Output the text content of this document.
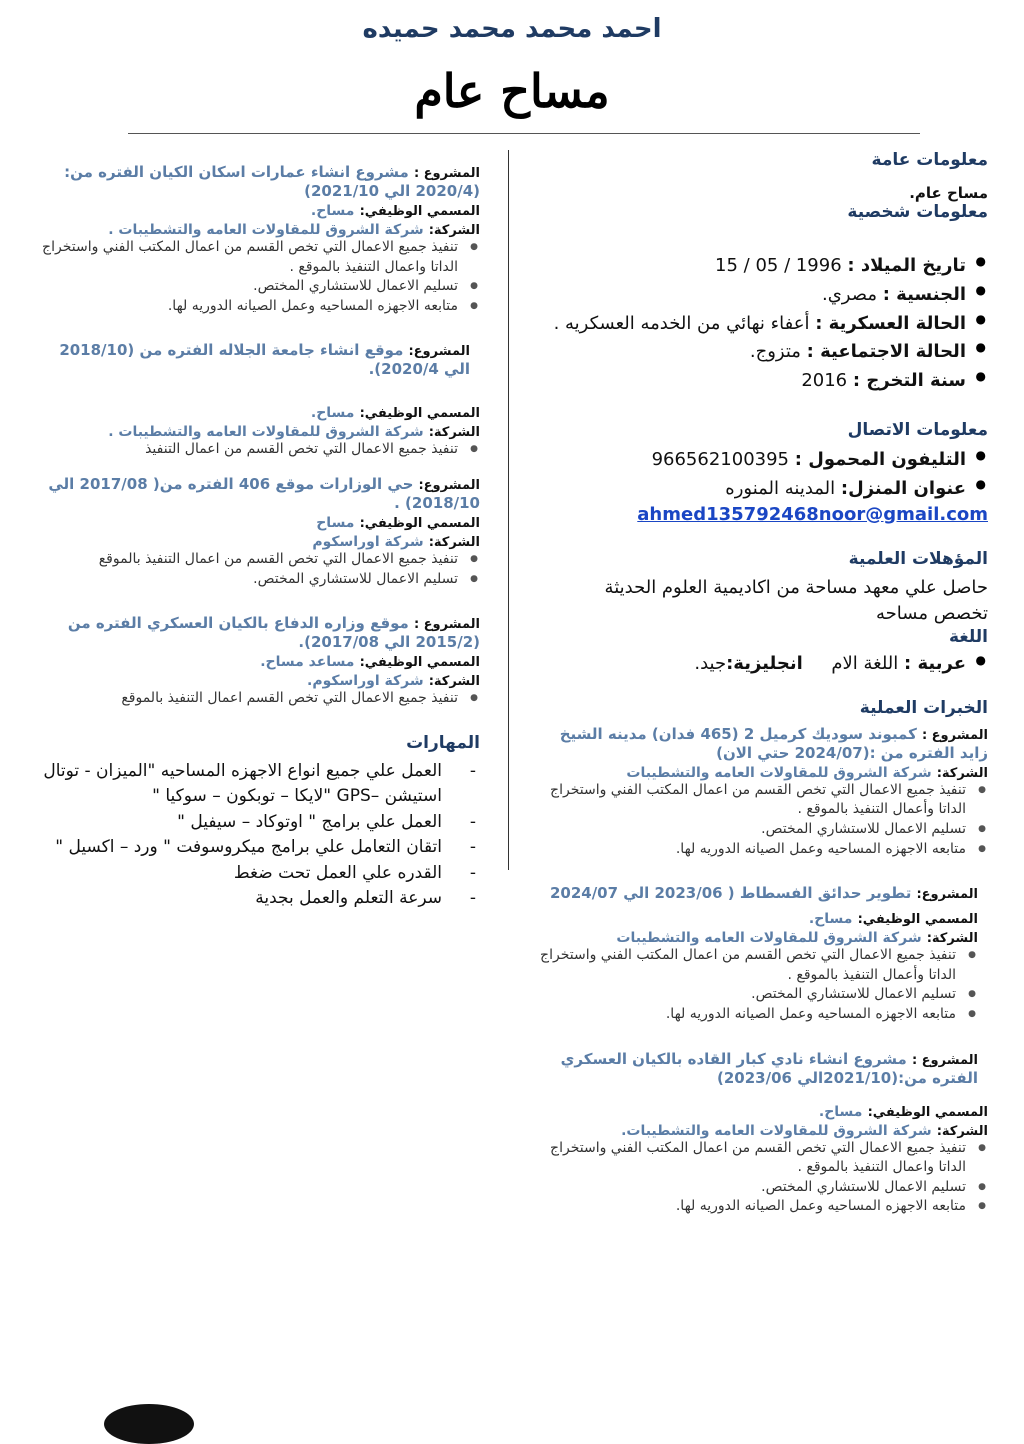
احمد محمد محمد حميده
مساح عام
معلومات عامة
مساح عام.
معلومات شخصية
● تاريخ الميلاد : 15 / 05 / 1996
● الجنسية : مصري.
● الحالة العسكرية : أعفاء نهائي من الخدمه العسكريه .
● الحالة الاجتماعية : متزوج.
● سنة التخرج : 2016
معلومات الاتصال
● التليفون المحمول : 966562100395
● عنوان المنزل: المدينه المنوره
ahmed135792468noor@gmail.com
المؤهلات العلمية
حاصل علي معهد مساحة من اكاديمية العلوم الحديثة
تخصص مساحه
اللغة
● عربية : اللغة الام     انجليزية:جيد.
الخبرات العملية
المشروع : كمبوند سوديك كرميل 2 (465 فدان) مدينه الشيخ زايد الفتره من :(2024/07 حتي الان)
الشركة: شركة الشروق للمقاولات العامه والتشطيبات
● تنفيذ جميع الاعمال التي تخص القسم من اعمال المكتب الفني واستخراج الداتا وأعمال التنفيذ بالموقع .
● تسليم الاعمال للاستشاري المختص.
● متابعه الاجهزه المساحيه وعمل الصيانه الدوريه لها.
المشروع: تطوير حدائق الفسطاط ( 2023/06 الي 2024/07
المسمي الوظيفي: مساح.
الشركة: شركة الشروق للمقاولات العامه والتشطيبات
● تنفيذ جميع الاعمال التي تخص القسم من اعمال المكتب الفني واستخراج الداتا وأعمال التنفيذ بالموقع .
● تسليم الاعمال للاستشاري المختص.
● متابعه الاجهزه المساحيه وعمل الصيانه الدوريه لها.
المشروع : مشروع انشاء نادي كبار القاده بالكيان العسكري الفتره من:(2021/10الي 2023/06)
المسمي الوظيفي: مساح.
الشركة: شركة الشروق للمقاولات العامه والتشطيبات.
● تنفيذ جميع الاعمال التي تخص القسم من اعمال المكتب الفني واستخراج الداتا واعمال التنفيذ بالموقع .
● تسليم الاعمال للاستشاري المختص.
● متابعه الاجهزه المساحيه وعمل الصيانه الدوريه لها.
المشروع : مشروع انشاء عمارات اسكان الكيان الفتره من: (2020/4 الي 2021/10)
المسمي الوظيفي: مساح.
الشركة: شركة الشروق للمقاولات العامه والتشطيبات .
● تنفيذ جميع الاعمال التي تخص القسم من اعمال المكتب الفني واستخراج الداتا واعمال التنفيذ بالموقع .
● تسليم الاعمال للاستشاري المختص.
● متابعه الاجهزه المساحيه وعمل الصيانه الدوريه لها.
المشروع: موقع انشاء جامعة الجلاله الفتره من (2018/10 الي 2020/4).
المسمي الوظيفي: مساح.
الشركة: شركة الشروق للمقاولات العامه والتشطيبات .
● تنفيذ جميع الاعمال التي تخص القسم من اعمال التنفيذ
المشروع: حي الوزارات موقع 406 الفتره من( 2017/08 الي 2018/10) .
المسمي الوظيفي: مساح
الشركة: شركة اوراسكوم
● تنفيذ جميع الاعمال التي تخص القسم من اعمال التنفيذ بالموقع
● تسليم الاعمال للاستشاري المختص.
المشروع : موقع وزاره الدفاع بالكيان العسكري الفتره من (2015/2 الي 2017/08).
المسمي الوظيفي: مساعد مساح.
الشركة: شركة اوراسكوم.
● تنفيذ جميع الاعمال التي تخص القسم اعمال التنفيذ بالموقع
المهارات
- العمل علي جميع انواع الاجهزه المساحيه "الميزان - توتال استيشن –GPS "لايكا – توبكون – سوكيا "
- العمل علي برامج " اوتوكاد – سيفيل "
- اتقان التعامل علي برامج ميكروسوفت " ورد – اكسيل "
- القدره علي العمل تحت ضغط
- سرعة التعلم والعمل بجدية
